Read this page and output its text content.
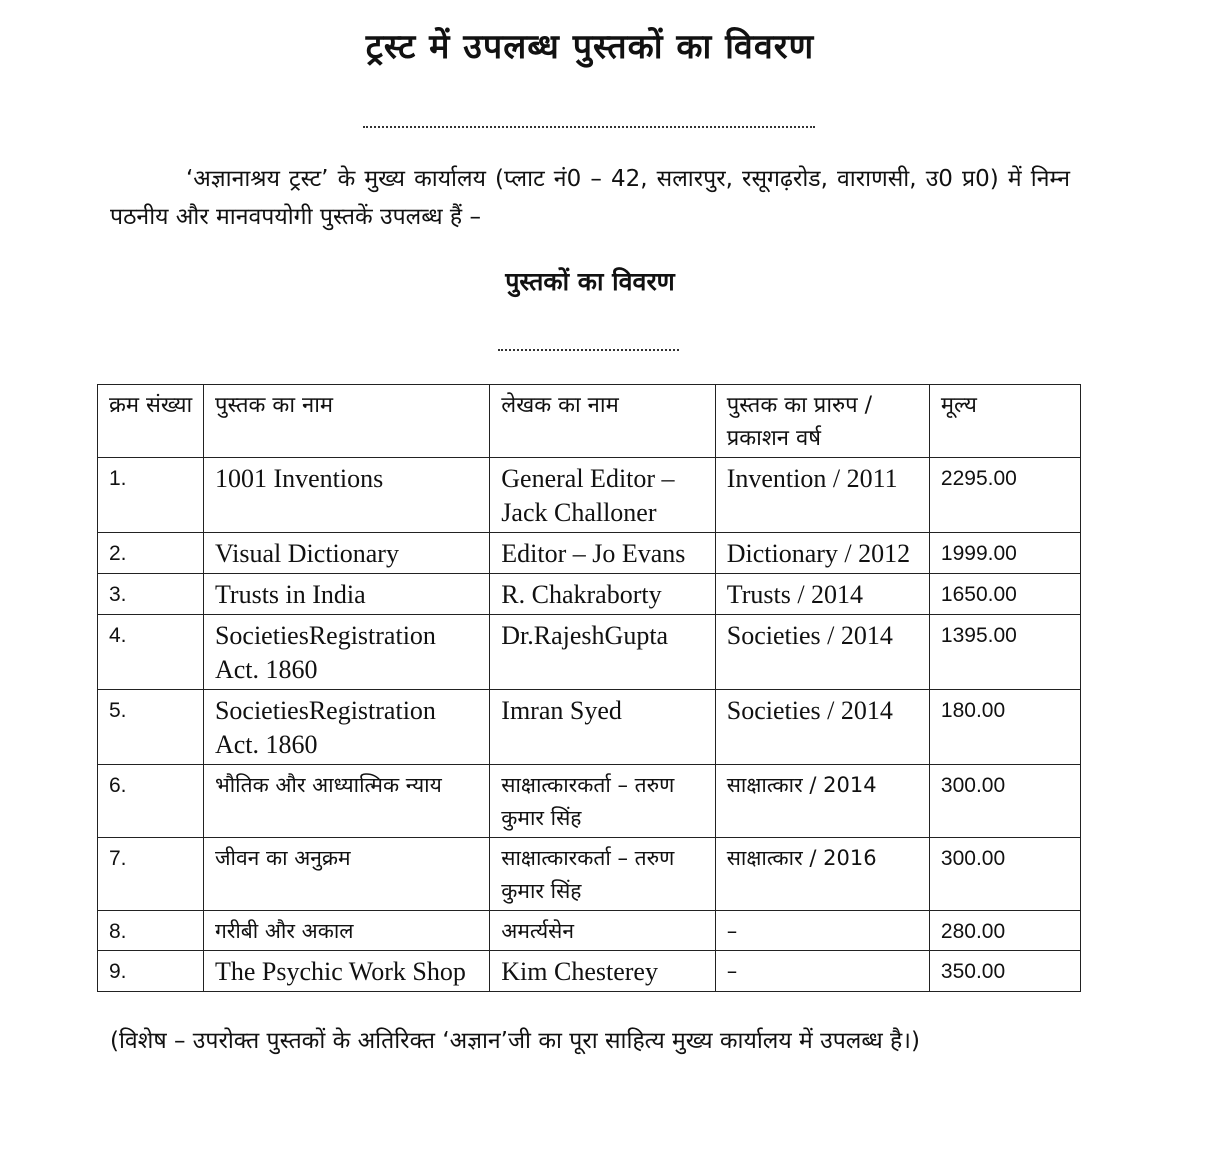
ट्रस्ट में उपलब्ध पुस्तकों का विवरण
‘अज्ञानाश्रय ट्रस्ट’ के मुख्य कार्यालय (प्लाट नं0 – 42, सलारपुर, रसूगढ़रोड, वाराणसी, उ0 प्र0) में निम्न पठनीय और मानवपयोगी पुस्तकें उपलब्ध हैं –
पुस्तकों का विवरण
क्रम संख्या	पुस्तक का नाम	लेखक का नाम	पुस्तक का प्रारुप /प्रकाशन वर्ष	मूल्य
1.	1001 Inventions	General Editor – Jack Challoner	Invention / 2011	2295.00
2.	Visual Dictionary	Editor – Jo Evans	Dictionary / 2012	1999.00
3.	Trusts in India	R. Chakraborty	Trusts / 2014	1650.00
4.	SocietiesRegistration Act. 1860	Dr.RajeshGupta	Societies / 2014	1395.00
5.	SocietiesRegistration Act. 1860	Imran Syed	Societies / 2014	180.00
6.	भौतिक और आध्यात्मिक न्याय	साक्षात्कारकर्ता – तरुण कुमार सिंह	साक्षात्कार / 2014	300.00
7.	जीवन का अनुक्रम	साक्षात्कारकर्ता – तरुण कुमार सिंह	साक्षात्कार / 2016	300.00
8.	गरीबी और अकाल	अमर्त्यसेन	–	280.00
9.	The Psychic Work Shop	Kim Chesterey	–	350.00
(विशेष – उपरोक्त पुस्तकों के अतिरिक्त ‘अज्ञान’जी का पूरा साहित्य मुख्य कार्यालय में उपलब्ध है।)
